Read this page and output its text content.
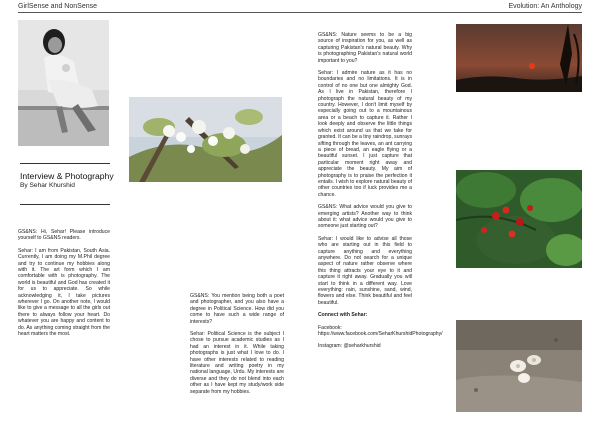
GirlSense and NonSense	Evolution: An Anthology
Interview & Photography
By Sehar Khurshid

GS&NS: Hi, Sehar! Please introduce yourself to GS&NS readers.

Sehar: I am from Pakistan, South Asia. Currently, I am doing my M.Phil degree and try to continue my hobbies along with it. The art form which I am comfortable with is photography. The world is beautiful and God has created it for us to appreciate. So while acknowledging it, I take pictures wherever I go. On another note, I would like to give a message to all the girls out there to always follow your heart. Do whatever you are happy and content to do. As anything coming straight from the heart matters the most.

GS&NS: You mention being both a poet and photographer, and you also have a degree in Political Science. How did you come to have such a wide range of interests?

Sehar: Political Science is the subject I chose to pursue academic studies as I had an interest in it. While taking photographs is just what I love to do. I have other interests related to reading literature and writing poetry in my national language, Urdu. My interests are diverse and they do not blend into each other as I have kept my study/work side separate from my hobbies.

GS&NS: Nature seems to be a big source of inspiration for you, as well as capturing Pakistan's natural beauty. Why is photographing Pakistan's natural world important to you?

Sehar: I admire nature as it has no boundaries and no limitations. It is in control of no one but one almighty God. As I live in Pakistan, therefore I photograph the natural beauty of my country. However, I don't limit myself by especially going out to a mountainous area or a beach to capture it. Rather I look deeply and observe the little things which exist around us that we take for granted. It can be a tiny raindrop, sunrays sifting through the leaves, an ant carrying a piece of bread, an eagle flying or a beautiful sunset. I just capture that particular moment right away and appreciate the beauty. My aim of photography is to praise the perfection it entails. I wish to explore natural beauty of other countries too if luck provides me a chance.

GS&NS: What advice would you give to emerging artists? Another way to think about it: what advice would you give to someone just starting out?

Sehar: I would like to advise all those who are starting out in this field to capture anything and everything anywhere. Do not search for a unique aspect of nature rather observe where this thing attracts your eye to it and capture it right away. Gradually you will start to think in a different way. Love everything: rain, sunshine, sand, wind, flowers and else. Think beautiful and feel beautiful.

Connect with Sehar:

Facebook:

https://www.facebook.com/SeharKhurshidPhotography/

Instagram: @seharkhurshid
